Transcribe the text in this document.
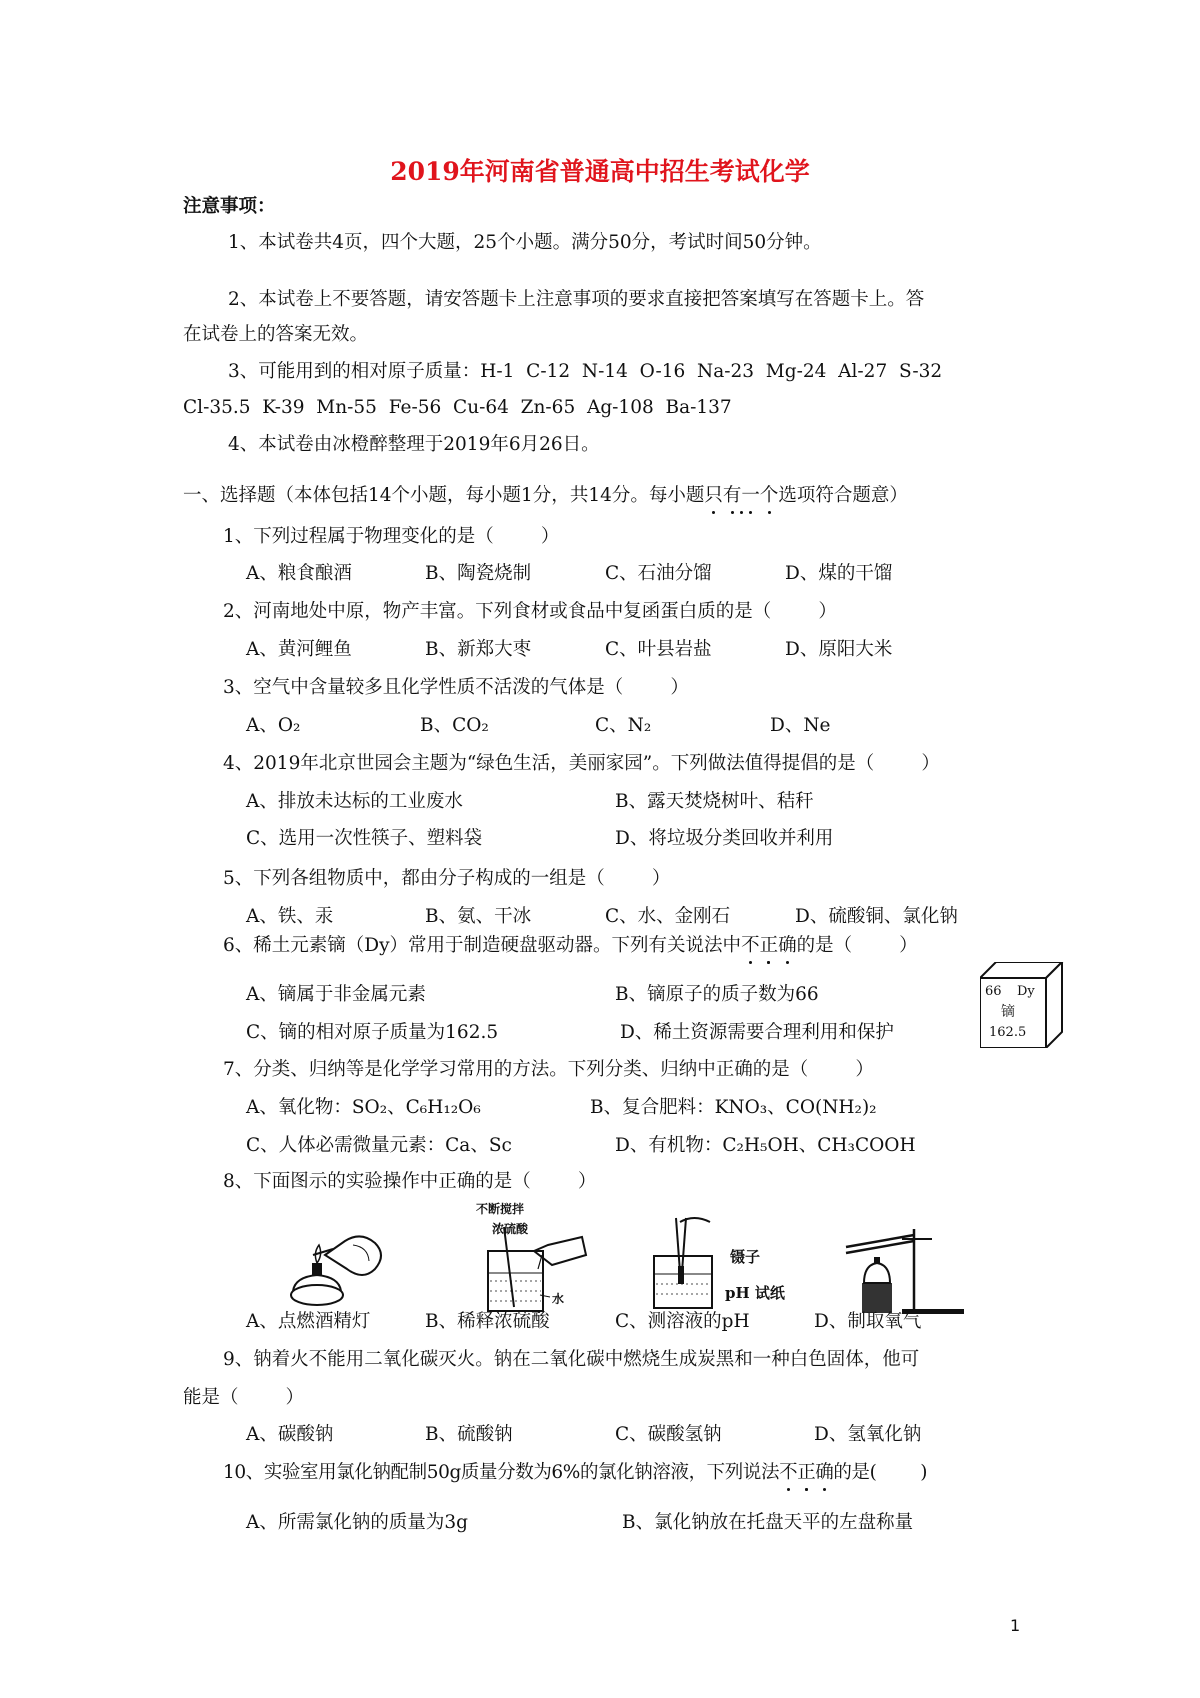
2019年河南省普通高中招生考试化学
注意事项：
1、本试卷共4页，四个大题，25个小题。满分50分，考试时间50分钟。
2、本试卷上不要答题，请安答题卡上注意事项的要求直接把答案填写在答题卡上。答
在试卷上的答案无效。
3、可能用到的相对原子质量：H-1  C-12  N-14  O-16  Na-23  Mg-24  Al-27  S-32
Cl-35.5  K-39  Mn-55  Fe-56  Cu-64  Zn-65  Ag-108  Ba-137
4、本试卷由冰橙醉整理于2019年6月26日。
一、选择题（本体包括14个小题，每小题1分，共14分。每小题只有一个选项符合题意）
1、下列过程属于物理变化的是（        ）
A、粮食酿酒	B、陶瓷烧制	C、石油分馏	D、煤的干馏
2、河南地处中原，物产丰富。下列食材或食品中复函蛋白质的是（        ）
A、黄河鲤鱼	B、新郑大枣	C、叶县岩盐	D、原阳大米
3、空气中含量较多且化学性质不活泼的气体是（        ）
A、O₂	B、CO₂	C、N₂	D、Ne
4、2019年北京世园会主题为“绿色生活，美丽家园”。下列做法值得提倡的是（        ）
A、排放未达标的工业废水	B、露天焚烧树叶、秸秆
C、选用一次性筷子、塑料袋	D、将垃圾分类回收并利用
5、下列各组物质中，都由分子构成的一组是（        ）
A、铁、汞	B、氨、干冰	C、水、金刚石	D、硫酸铜、氯化钠
6、稀土元素镝（Dy）常用于制造硬盘驱动器。下列有关说法中不正确的是（        ）
A、镝属于非金属元素	B、镝原子的质子数为66
C、镝的相对原子质量为162.5	D、稀土资源需要合理利用和保护
66 Dy
镝
162.5
7、分类、归纳等是化学学习常用的方法。下列分类、归纳中正确的是（        ）
A、氧化物：SO₂、C₆H₁₂O₆	B、复合肥料：KNO₃、CO(NH₂)₂
C、人体必需微量元素：Ca、Sc	D、有机物：C₂H₅OH、CH₃COOH
8、下面图示的实验操作中正确的是（        ）
不断搅拌
浓硫酸
水
镊子
pH 试纸
A、点燃酒精灯	B、稀释浓硫酸	C、测溶液的pH	D、制取氧气
9、钠着火不能用二氧化碳灭火。钠在二氧化碳中燃烧生成炭黑和一种白色固体，他可
能是（        ）
A、碳酸钠	B、硫酸钠	C、碳酸氢钠	D、氢氧化钠
10、实验室用氯化钠配制50g质量分数为6%的氯化钠溶液，下列说法不正确的是(        )
A、所需氯化钠的质量为3g	B、氯化钠放在托盘天平的左盘称量
1
